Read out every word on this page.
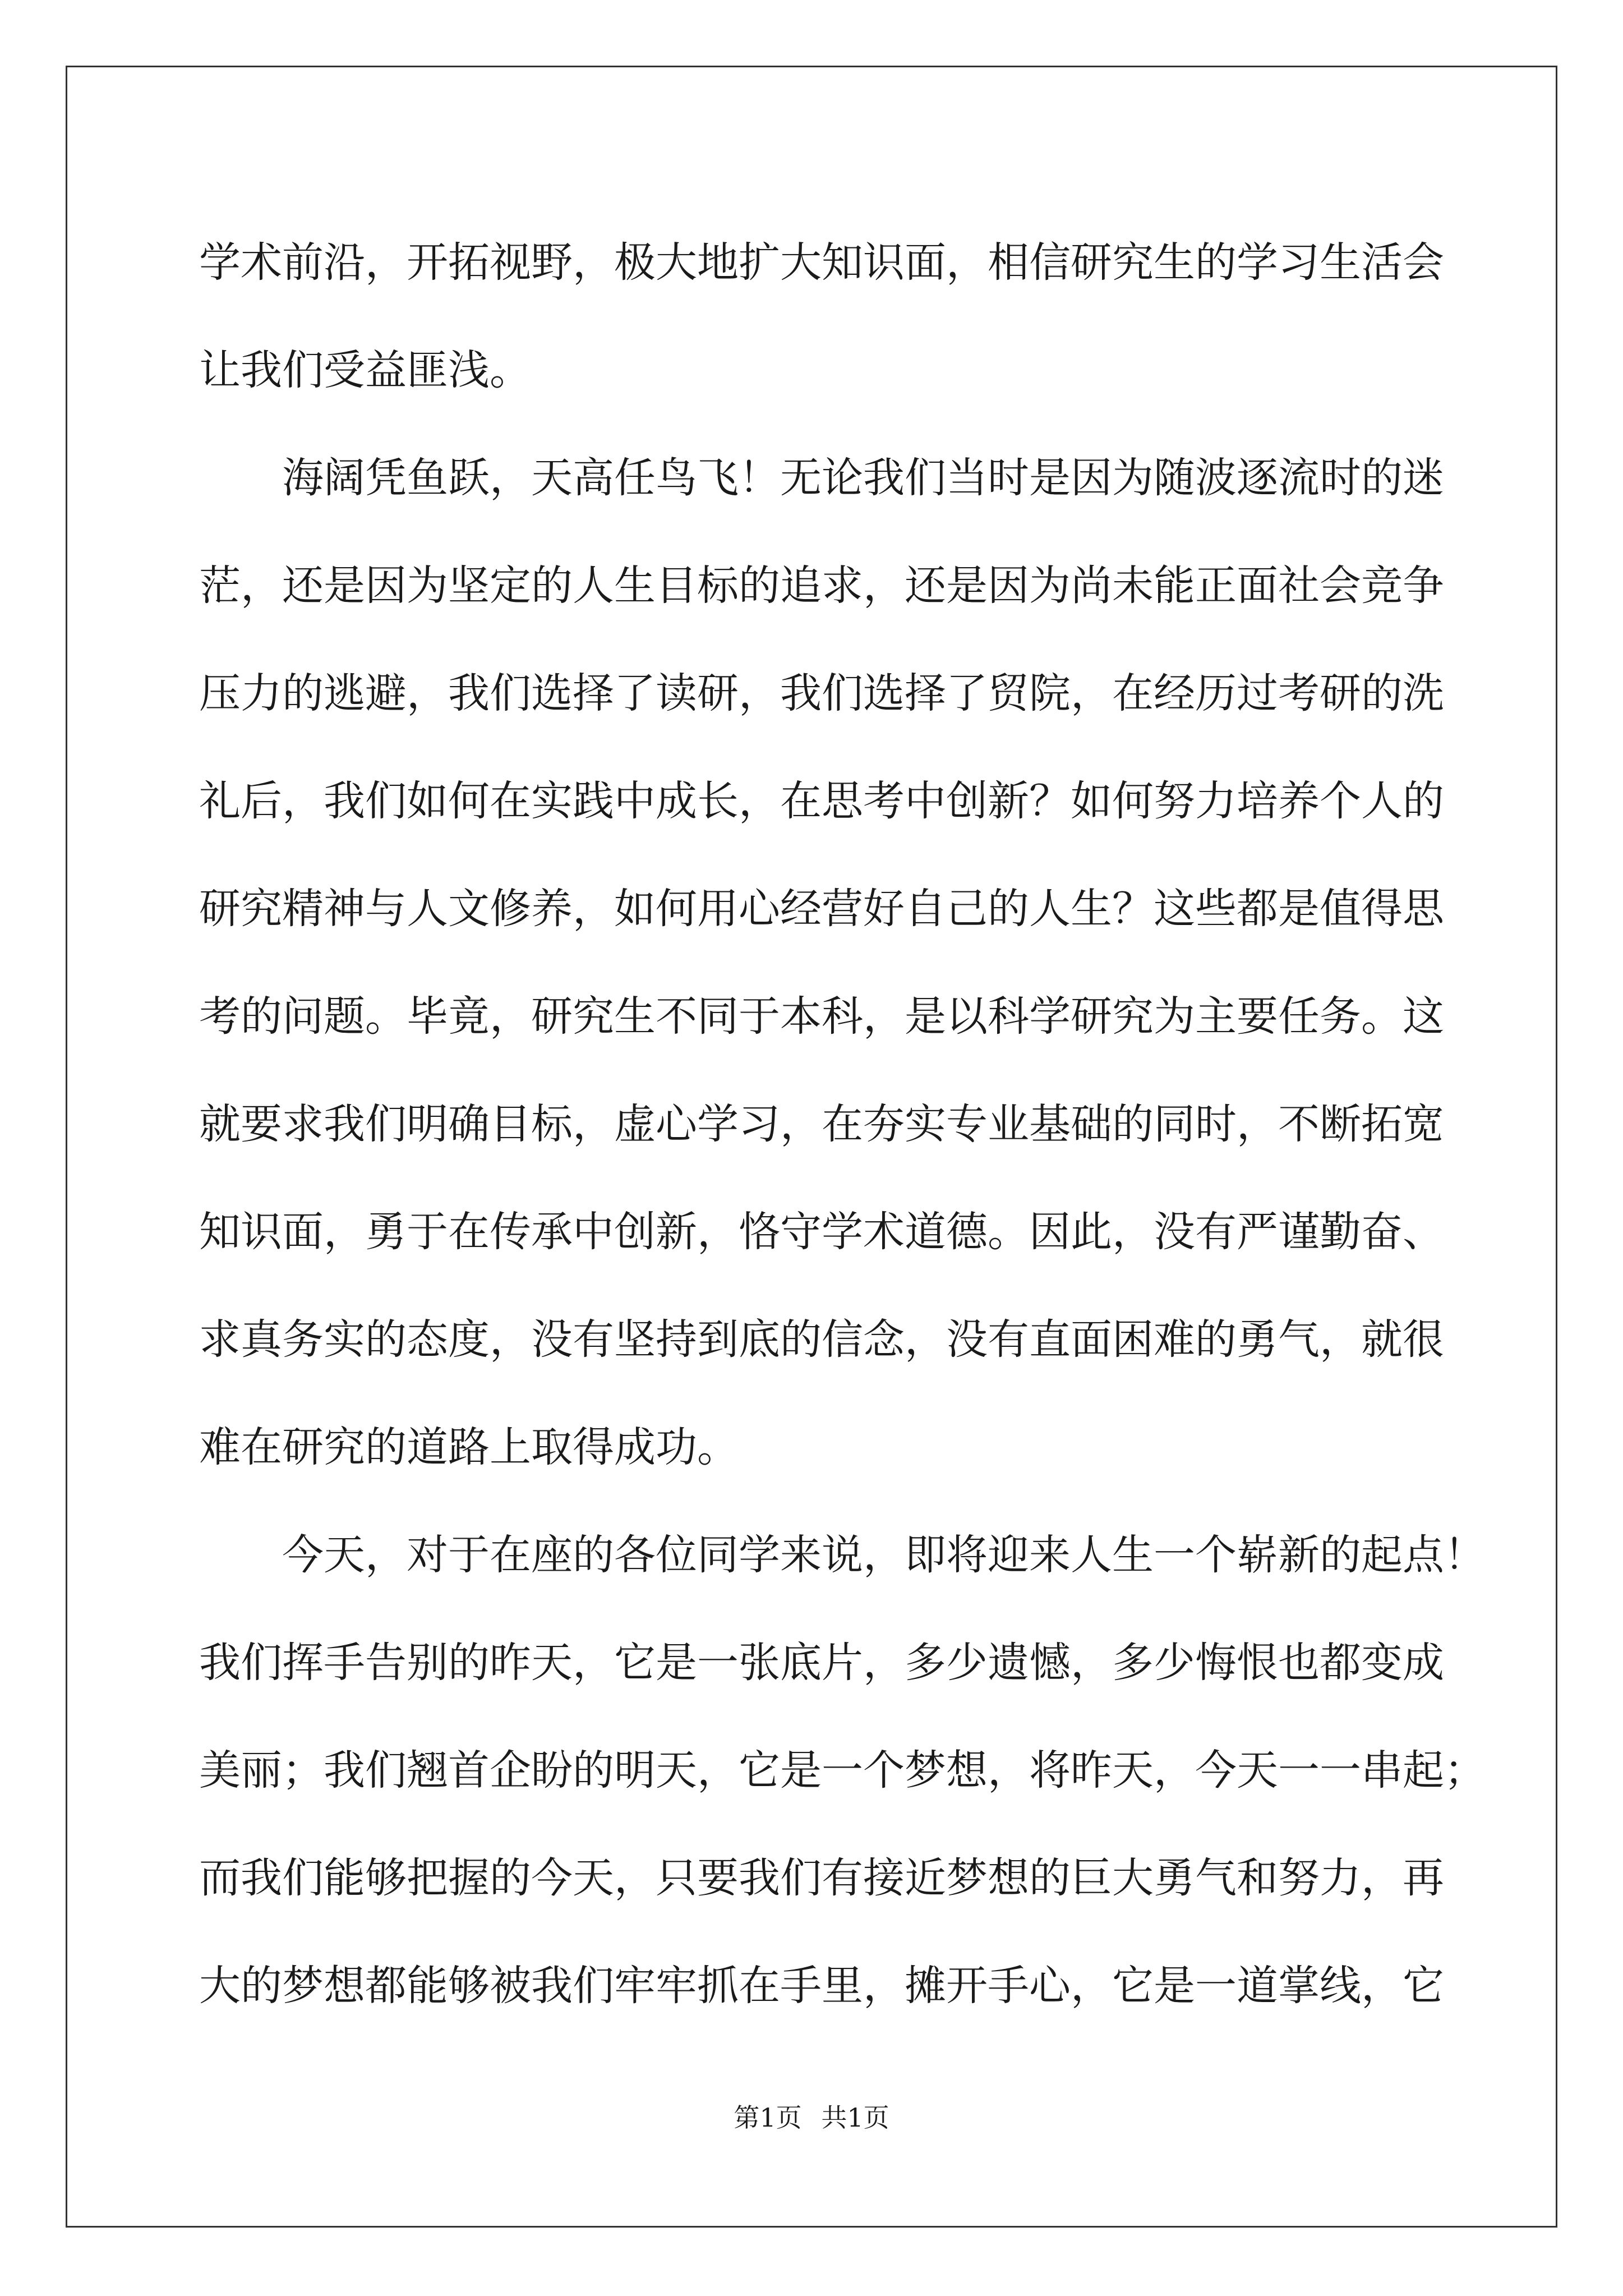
学术前沿，开拓视野，极大地扩大知识面，相信研究生的学习生活会
让我们受益匪浅。
海阔凭鱼跃，天高任鸟飞！无论我们当时是因为随波逐流时的迷
茫，还是因为坚定的人生目标的追求，还是因为尚未能正面社会竞争
压力的逃避，我们选择了读研，我们选择了贸院，在经历过考研的洗
礼后，我们如何在实践中成长，在思考中创新？如何努力培养个人的
研究精神与人文修养，如何用心经营好自己的人生？这些都是值得思
考的问题。毕竟，研究生不同于本科，是以科学研究为主要任务。这
就要求我们明确目标，虚心学习，在夯实专业基础的同时，不断拓宽
知识面，勇于在传承中创新，恪守学术道德。因此，没有严谨勤奋、
求真务实的态度，没有坚持到底的信念，没有直面困难的勇气，就很
难在研究的道路上取得成功。
今天，对于在座的各位同学来说，即将迎来人生一个崭新的起点！
我们挥手告别的昨天，它是一张底片，多少遗憾，多少悔恨也都变成
美丽；我们翘首企盼的明天，它是一个梦想，将昨天，今天一一串起；
而我们能够把握的今天，只要我们有接近梦想的巨大勇气和努力，再
大的梦想都能够被我们牢牢抓在手里，摊开手心，它是一道掌线，它
第1页 共1页
